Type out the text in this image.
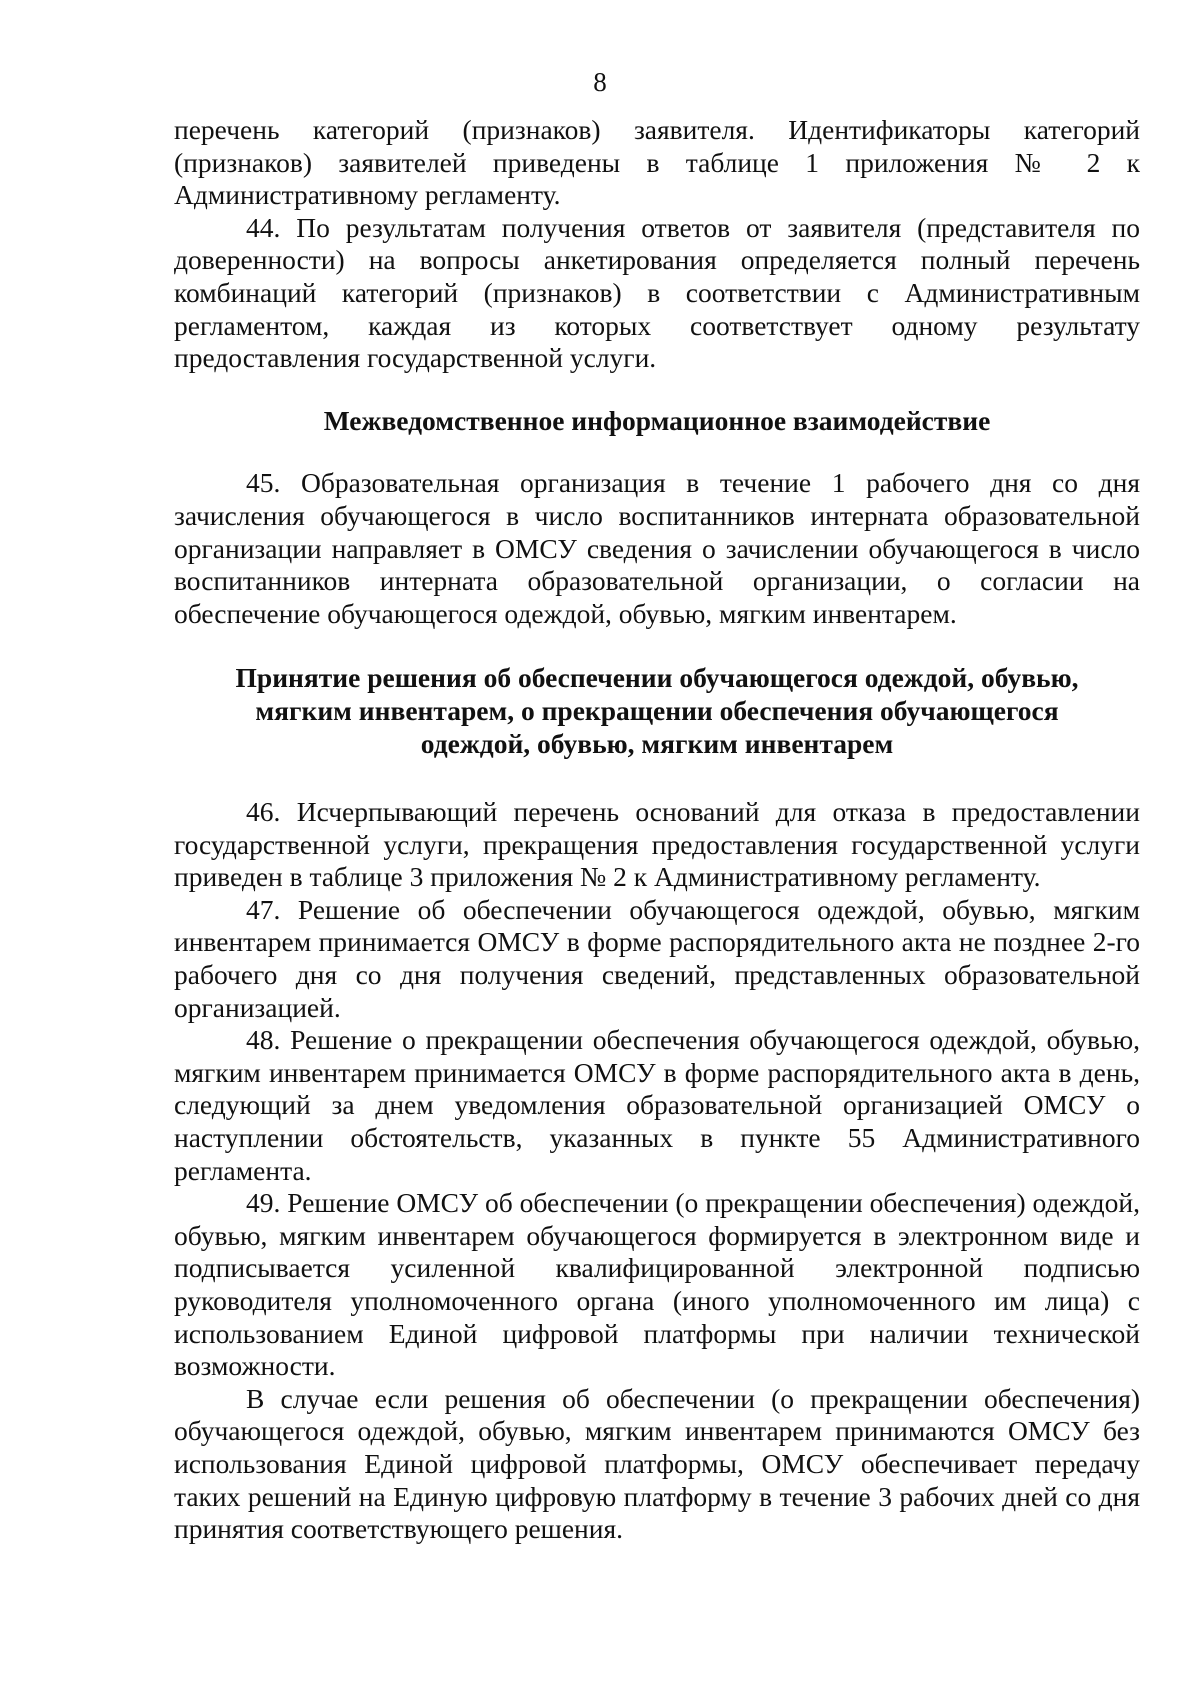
8

перечень категорий (признаков) заявителя. Идентификаторы категорий (признаков) заявителей приведены в таблице 1 приложения № 2 к Административному регламенту.

44. По результатам получения ответов от заявителя (представителя по доверенности) на вопросы анкетирования определяется полный перечень комбинаций категорий (признаков) в соответствии с Административным регламентом, каждая из которых соответствует одному результату предоставления государственной услуги.

Межведомственное информационное взаимодействие

45. Образовательная организация в течение 1 рабочего дня со дня зачисления обучающегося в число воспитанников интерната образовательной организации направляет в ОМСУ сведения о зачислении обучающегося в число воспитанников интерната образовательной организации, о согласии на обеспечение обучающегося одеждой, обувью, мягким инвентарем.

Принятие решения об обеспечении обучающегося одеждой, обувью, мягким инвентарем, о прекращении обеспечения обучающегося одеждой, обувью, мягким инвентарем

46. Исчерпывающий перечень оснований для отказа в предоставлении государственной услуги, прекращения предоставления государственной услуги приведен в таблице 3 приложения № 2 к Административному регламенту.

47. Решение об обеспечении обучающегося одеждой, обувью, мягким инвентарем принимается ОМСУ в форме распорядительного акта не позднее 2-го рабочего дня со дня получения сведений, представленных образовательной организацией.

48. Решение о прекращении обеспечения обучающегося одеждой, обувью, мягким инвентарем принимается ОМСУ в форме распорядительного акта в день, следующий за днем уведомления образовательной организацией ОМСУ о наступлении обстоятельств, указанных в пункте 55 Административного регламента.

49. Решение ОМСУ об обеспечении (о прекращении обеспечения) одеждой, обувью, мягким инвентарем обучающегося формируется в электронном виде и подписывается усиленной квалифицированной электронной подписью руководителя уполномоченного органа (иного уполномоченного им лица) с использованием Единой цифровой платформы при наличии технической возможности.

В случае если решения об обеспечении (о прекращении обеспечения) обучающегося одеждой, обувью, мягким инвентарем принимаются ОМСУ без использования Единой цифровой платформы, ОМСУ обеспечивает передачу таких решений на Единую цифровую платформу в течение 3 рабочих дней со дня принятия соответствующего решения.
